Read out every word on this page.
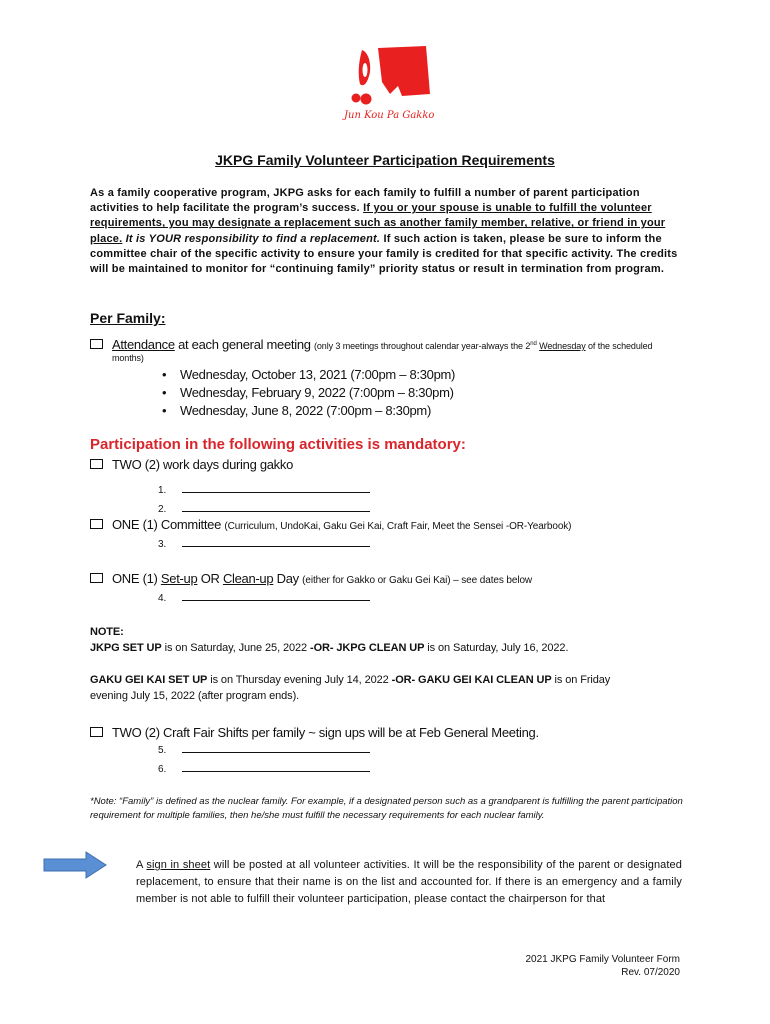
Jun Kou Pa Gakko
JKPG Family Volunteer Participation Requirements
As a family cooperative program, JKPG asks for each family to fulfill a number of parent participation activities to help facilitate the program’s success. If you or your spouse is unable to fulfill the volunteer requirements, you may designate a replacement such as another family member, relative, or friend in your place. It is YOUR responsibility to find a replacement. If such action is taken, please be sure to inform the committee chair of the specific activity to ensure your family is credited for that specific activity. The credits will be maintained to monitor for “continuing family” priority status or result in termination from program.
Per Family:
Attendance at each general meeting (only 3 meetings throughout calendar year-always the 2nd Wednesday of the scheduled
months)
• Wednesday, October 13, 2021 (7:00pm – 8:30pm)
• Wednesday, February 9, 2022 (7:00pm – 8:30pm)
• Wednesday, June 8, 2022 (7:00pm – 8:30pm)
Participation in the following activities is mandatory:
TWO (2) work days during gakko
1.
2.
ONE (1) Committee (Curriculum, UndoKai, Gaku Gei Kai, Craft Fair, Meet the Sensei -OR-Yearbook)
3.
ONE (1) Set-up OR Clean-up Day (either for Gakko or Gaku Gei Kai) – see dates below
4.
NOTE:
JKPG SET UP is on Saturday, June 25, 2022 -OR- JKPG CLEAN UP is on Saturday, July 16, 2022.
GAKU GEI KAI SET UP is on Thursday evening July 14, 2022 -OR- GAKU GEI KAI CLEAN UP is on Friday
evening July 15, 2022 (after program ends).
TWO (2) Craft Fair Shifts per family ~ sign ups will be at Feb General Meeting.
5.
6.
*Note: “Family” is defined as the nuclear family. For example, if a designated person such as a grandparent is fulfilling the parent participation requirement for multiple families, then he/she must fulfill the necessary requirements for each nuclear family.
A sign in sheet will be posted at all volunteer activities. It will be the responsibility of the parent or designated replacement, to ensure that their name is on the list and accounted for. If there is an emergency and a family member is not able to fulfill their volunteer participation, please contact the chairperson for that
2021 JKPG Family Volunteer Form
Rev. 07/2020
